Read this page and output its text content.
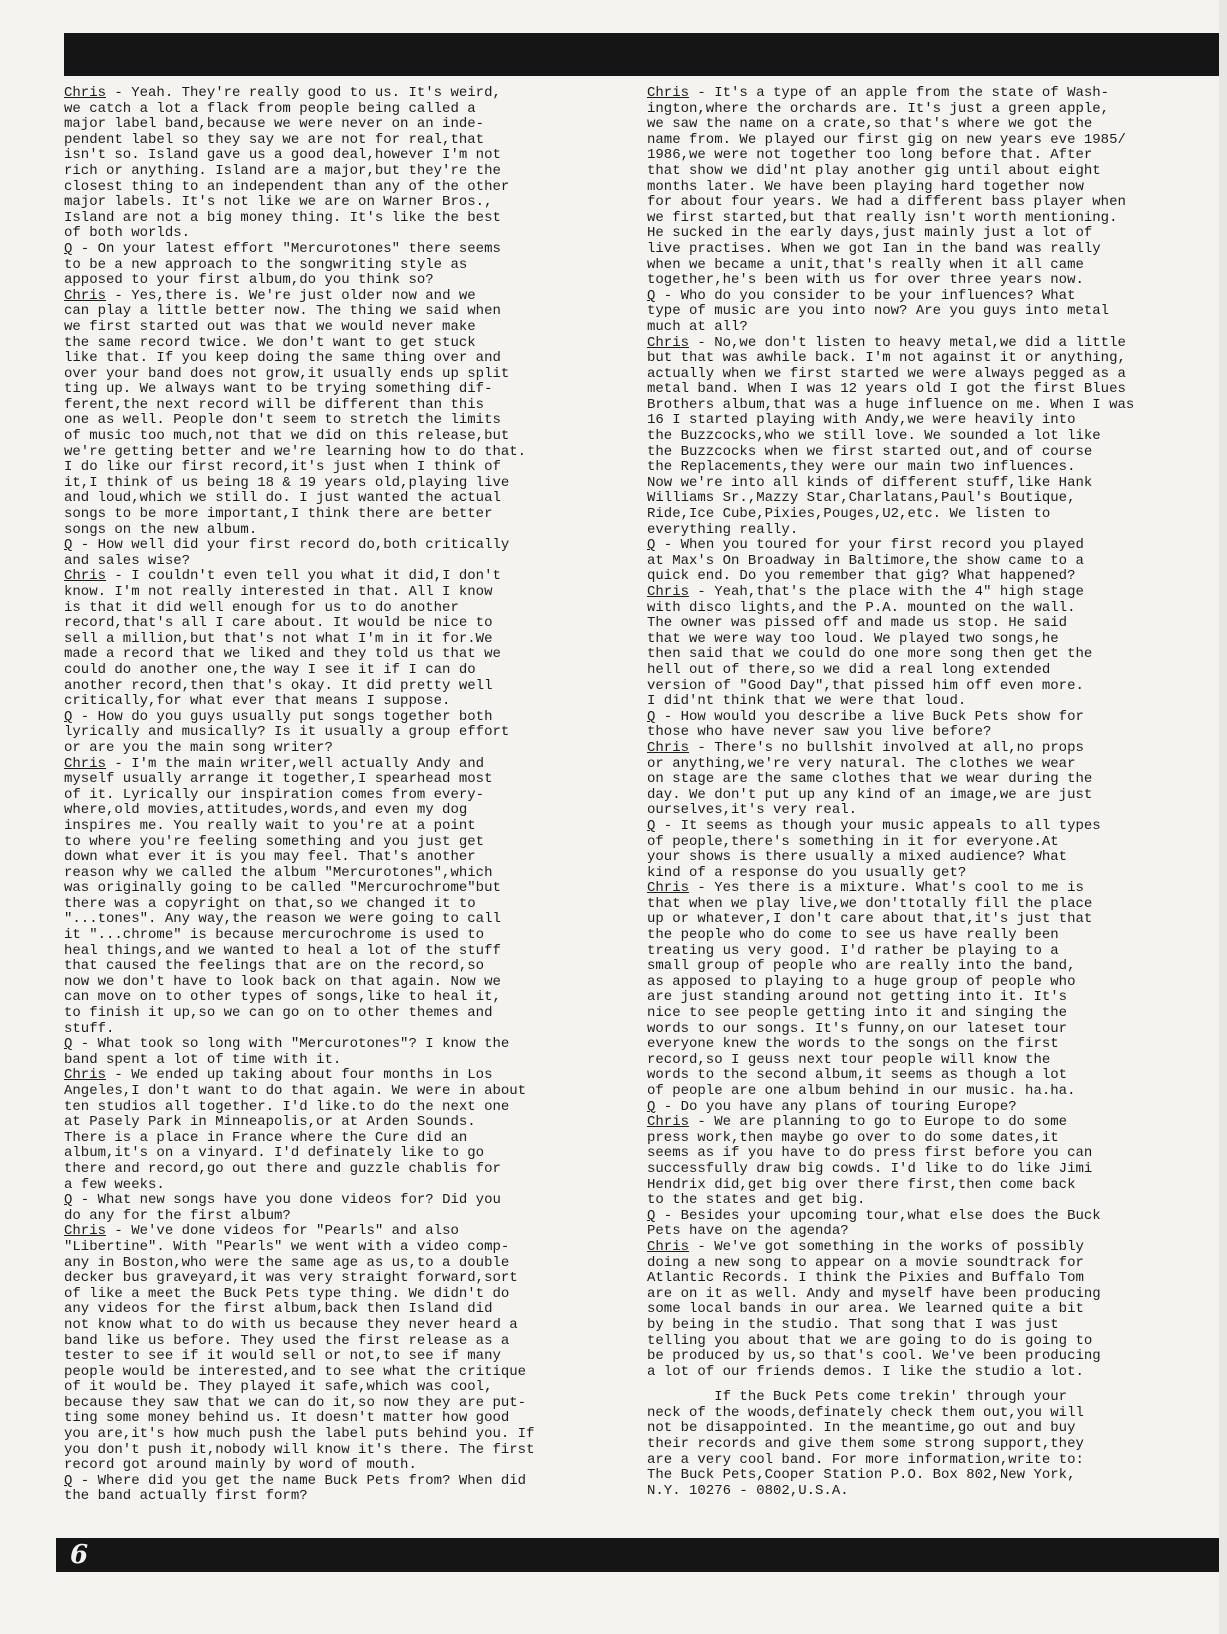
Chris - Yeah. They're really good to us. It's weird,
we catch a lot a flack from people being called a
major label band,because we were never on an inde-
pendent label so they say we are not for real,that
isn't so. Island gave us a good deal,however I'm not
rich or anything. Island are a major,but they're the
closest thing to an independent than any of the other
major labels. It's not like we are on Warner Bros.,
Island are not a big money thing. It's like the best
of both worlds.
Q - On your latest effort "Mercurotones" there seems
to be a new approach to the songwriting style as
apposed to your first album,do you think so?
Chris - Yes,there is. We're just older now and we
can play a little better now. The thing we said when
we first started out was that we would never make
the same record twice. We don't want to get stuck
like that. If you keep doing the same thing over and
over your band does not grow,it usually ends up split
ting up. We always want to be trying something dif-
ferent,the next record will be different than this
one as well. People don't seem to stretch the limits
of music too much,not that we did on this release,but
we're getting better and we're learning how to do that.
I do like our first record,it's just when I think of
it,I think of us being 18 & 19 years old,playing live
and loud,which we still do. I just wanted the actual
songs to be more important,I think there are better
songs on the new album.
Q - How well did your first record do,both critically
and sales wise?
Chris - I couldn't even tell you what it did,I don't
know. I'm not really interested in that. All I know
is that it did well enough for us to do another
record,that's all I care about. It would be nice to
sell a million,but that's not what I'm in it for.We
made a record that we liked and they told us that we
could do another one,the way I see it if I can do
another record,then that's okay. It did pretty well
critically,for what ever that means I suppose.
Q - How do you guys usually put songs together both
lyrically and musically? Is it usually a group effort
or are you the main song writer?
Chris - I'm the main writer,well actually Andy and
myself usually arrange it together,I spearhead most
of it. Lyrically our inspiration comes from every-
where,old movies,attitudes,words,and even my dog
inspires me. You really wait to you're at a point
to where you're feeling something and you just get
down what ever it is you may feel. That's another
reason why we called the album "Mercurotones",which
was originally going to be called "Mercurochrome"but
there was a copyright on that,so we changed it to
"...tones". Any way,the reason we were going to call
it "...chrome" is because mercurochrome is used to
heal things,and we wanted to heal a lot of the stuff
that caused the feelings that are on the record,so
now we don't have to look back on that again. Now we
can move on to other types of songs,like to heal it,
to finish it up,so we can go on to other themes and
stuff.
Q - What took so long with "Mercurotones"? I know the
band spent a lot of time with it.
Chris - We ended up taking about four months in Los
Angeles,I don't want to do that again. We were in about
ten studios all together. I'd like.to do the next one
at Pasely Park in Minneapolis,or at Arden Sounds.
There is a place in France where the Cure did an
album,it's on a vinyard. I'd definately like to go
there and record,go out there and guzzle chablis for
a few weeks.
Q - What new songs have you done videos for? Did you
do any for the first album?
Chris - We've done videos for "Pearls" and also
"Libertine". With "Pearls" we went with a video comp-
any in Boston,who were the same age as us,to a double
decker bus graveyard,it was very straight forward,sort
of like a meet the Buck Pets type thing. We didn't do
any videos for the first album,back then Island did
not know what to do with us because they never heard a
band like us before. They used the first release as a
tester to see if it would sell or not,to see if many
people would be interested,and to see what the critique
of it would be. They played it safe,which was cool,
because they saw that we can do it,so now they are put-
ting some money behind us. It doesn't matter how good
you are,it's how much push the label puts behind you. If
you don't push it,nobody will know it's there. The first
record got around mainly by word of mouth.
Q - Where did you get the name Buck Pets from? When did
the band actually first form?
Chris - It's a type of an apple from the state of Wash-
ington,where the orchards are. It's just a green apple,
we saw the name on a crate,so that's where we got the
name from. We played our first gig on new years eve 1985/
1986,we were not together too long before that. After
that show we did'nt play another gig until about eight
months later. We have been playing hard together now
for about four years. We had a different bass player when
we first started,but that really isn't worth mentioning.
He sucked in the early days,just mainly just a lot of
live practises. When we got Ian in the band was really
when we became a unit,that's really when it all came
together,he's been with us for over three years now.
Q - Who do you consider to be your influences? What
type of music are you into now? Are you guys into metal
much at all?
Chris - No,we don't listen to heavy metal,we did a little
but that was awhile back. I'm not against it or anything,
actually when we first started we were always pegged as a
metal band. When I was 12 years old I got the first Blues
Brothers album,that was a huge influence on me. When I was
16 I started playing with Andy,we were heavily into
the Buzzcocks,who we still love. We sounded a lot like
the Buzzcocks when we first started out,and of course
the Replacements,they were our main two influences.
Now we're into all kinds of different stuff,like Hank
Williams Sr.,Mazzy Star,Charlatans,Paul's Boutique,
Ride,Ice Cube,Pixies,Pouges,U2,etc. We listen to
everything really.
Q - When you toured for your first record you played
at Max's On Broadway in Baltimore,the show came to a
quick end. Do you remember that gig? What happened?
Chris - Yeah,that's the place with the 4" high stage
with disco lights,and the P.A. mounted on the wall.
The owner was pissed off and made us stop. He said
that we were way too loud. We played two songs,he
then said that we could do one more song then get the
hell out of there,so we did a real long extended
version of "Good Day",that pissed him off even more.
I did'nt think that we were that loud.
Q - How would you describe a live Buck Pets show for
those who have never saw you live before?
Chris - There's no bullshit involved at all,no props
or anything,we're very natural. The clothes we wear
on stage are the same clothes that we wear during the
day. We don't put up any kind of an image,we are just
ourselves,it's very real.
Q - It seems as though your music appeals to all types
of people,there's something in it for everyone.At
your shows is there usually a mixed audience? What
kind of a response do you usually get?
Chris - Yes there is a mixture. What's cool to me is
that when we play live,we don'ttotally fill the place
up or whatever,I don't care about that,it's just that
the people who do come to see us have really been
treating us very good. I'd rather be playing to a
small group of people who are really into the band,
as apposed to playing to a huge group of people who
are just standing around not getting into it. It's
nice to see people getting into it and singing the
words to our songs. It's funny,on our lateset tour
everyone knew the words to the songs on the first
record,so I geuss next tour people will know the
words to the second album,it seems as though a lot
of people are one album behind in our music. ha.ha.
Q - Do you have any plans of touring Europe?
Chris - We are planning to go to Europe to do some
press work,then maybe go over to do some dates,it
seems as if you have to do press first before you can
successfully draw big cowds. I'd like to do like Jimi
Hendrix did,get big over there first,then come back
to the states and get big.
Q - Besides your upcoming tour,what else does the Buck
Pets have on the agenda?
Chris - We've got something in the works of possibly
doing a new song to appear on a movie soundtrack for
Atlantic Records. I think the Pixies and Buffalo Tom
are on it as well. Andy and myself have been producing
some local bands in our area. We learned quite a bit
by being in the studio. That song that I was just
telling you about that we are going to do is going to
be produced by us,so that's cool. We've been producing
a lot of our friends demos. I like the studio a lot.
If the Buck Pets come trekin' through your
neck of the woods,definately check them out,you will
not be disappointed. In the meantime,go out and buy
their records and give them some strong support,they
are a very cool band. For more information,write to:
The Buck Pets,Cooper Station P.O. Box 802,New York,
N.Y. 10276 - 0802,U.S.A.
6
